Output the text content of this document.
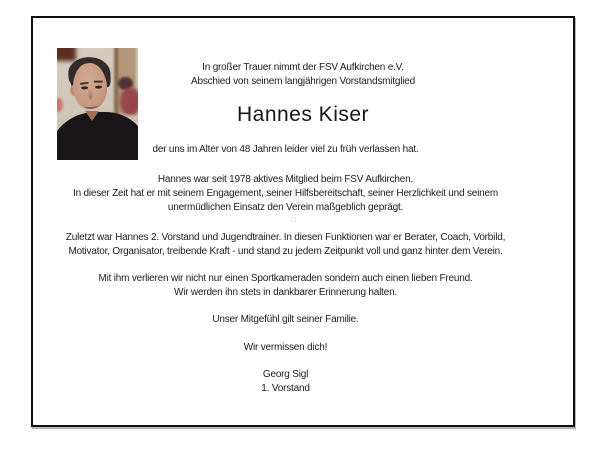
In großer Trauer nimmt der FSV Aufkirchen e.V.
Abschied von seinem langjährigen Vorstandsmitglied
Hannes Kiser
der uns im Alter von 48 Jahren leider viel zu früh verlassen hat.
Hannes war seit 1978 aktives Mitglied beim FSV Aufkirchen.
In dieser Zeit hat er mit seinem Engagement, seiner Hilfsbereitschaft, seiner Herzlichkeit und seinem
unermüdlichen Einsatz den Verein maßgeblich geprägt.
□
Zuletzt war Hannes 2. Vorstand und Jugendtrainer. In diesen Funktionen war er Berater, Coach, Vorbild,
Motivator, Organisator, treibende Kraft - und stand zu jedem Zeitpunkt voll und ganz hinter dem Verein.
Mit ihm verlieren wir nicht nur einen Sportkameraden sondern auch einen lieben Freund.
Wir werden ihn stets in dankbarer Erinnerung halten.
Unser Mitgefühl gilt seiner Familie.
Wir vermissen dich!
Georg Sigl
1. Vorstand
